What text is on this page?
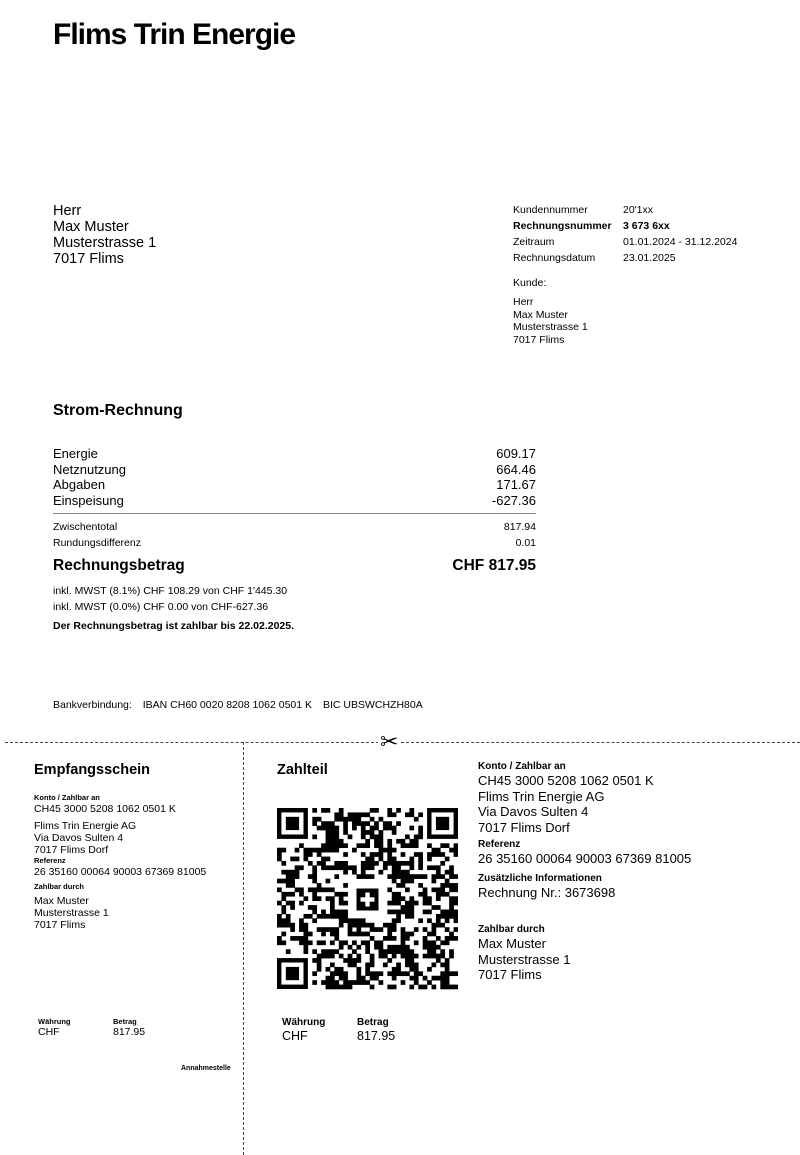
Flims Trin Energie
Herr
Max Muster
Musterstrasse 1
7017 Flims
Kundennummer	20'1xx
Rechnungsnummer	3 673 6xx
Zeitraum	01.01.2024 - 31.12.2024
Rechnungsdatum	23.01.2025
Kunde:
Herr
Max Muster
Musterstrasse 1
7017 Flims
Strom-Rechnung
Energie	609.17
Netznutzung	664.46
Abgaben	171.67
Einspeisung	-627.36
Zwischentotal	817.94
Rundungsdifferenz	0.01
Rechnungsbetrag	CHF 817.95
inkl. MWST (8.1%) CHF 108.29 von CHF 1'445.30
inkl. MWST (0.0%) CHF 0.00 von CHF-627.36
Der Rechnungsbetrag ist zahlbar bis 22.02.2025.
Bankverbindung: IBAN CH60 0020 8208 1062 0501 K BIC UBSWCHZH80A
✂
Empfangsschein
Konto / Zahlbar an
CH45 3000 5208 1062 0501 K
Flims Trin Energie AG
Via Davos Sulten 4
7017 Flims Dorf
Referenz
26 35160 00064 90003 67369 81005
Zahlbar durch
Max Muster
Musterstrasse 1
7017 Flims
Währung
CHF
Betrag
817.95
Annahmestelle
Zahlteil
Währung
CHF
Betrag
817.95
Konto / Zahlbar an
CH45 3000 5208 1062 0501 K
Flims Trin Energie AG
Via Davos Sulten 4
7017 Flims Dorf
Referenz
26 35160 00064 90003 67369 81005
Zusätzliche Informationen
Rechnung Nr.: 3673698
Zahlbar durch
Max Muster
Musterstrasse 1
7017 Flims
